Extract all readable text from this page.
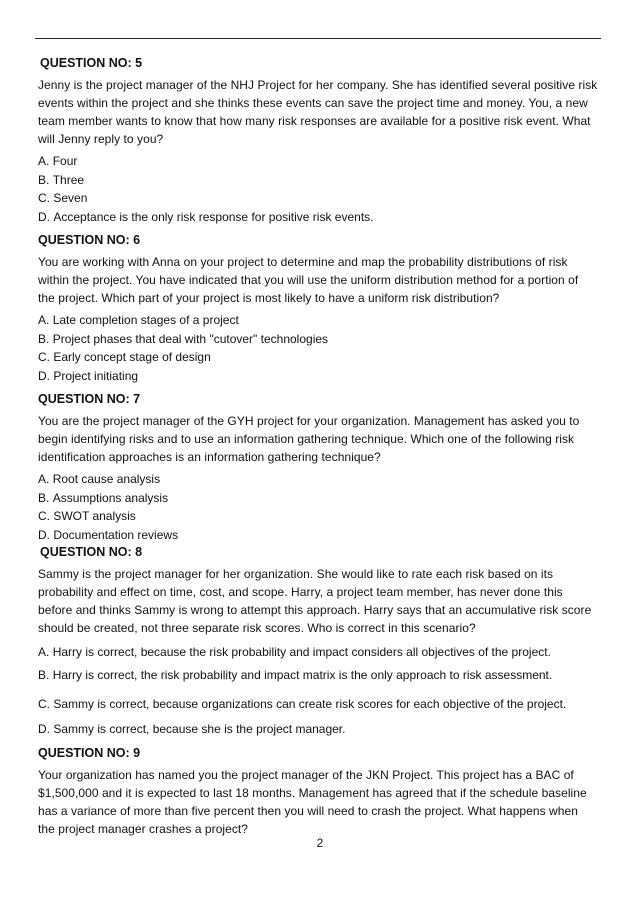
QUESTION NO: 5
Jenny is the project manager of the NHJ Project for her company. She has identified several positive risk events within the project and she thinks these events can save the project time and money. You, a new team member wants to know that how many risk responses are available for a positive risk event. What will Jenny reply to you?
A.
Four
B.
Three
C.
Seven
D.
Acceptance is the only risk response for positive risk events.
QUESTION NO: 6
You are working with Anna on your project to determine and map the probability distributions of risk within the project. You have indicated that you will use the uniform distribution method for a portion of the project. Which part of your project is most likely to have a uniform risk distribution?
A.
Late completion stages of a project
B.
Project phases that deal with "cutover" technologies
C.
Early concept stage of design
D.
Project initiating
QUESTION NO: 7
You are the project manager of the GYH project for your organization. Management has asked you to begin identifying risks and to use an information gathering technique. Which one of the following risk identification approaches is an information gathering technique?
A.
Root cause analysis
B.
Assumptions analysis
C.
SWOT analysis
D.
Documentation reviews
QUESTION NO: 8
Sammy is the project manager for her organization. She would like to rate each risk based on its probability and effect on time, cost, and scope. Harry, a project team member, has never done this before and thinks Sammy is wrong to attempt this approach. Harry says that an accumulative risk score should be created, not three separate risk scores. Who is correct in this scenario?
A.
Harry is correct, because the risk probability and impact considers all objectives of the project.
B.
Harry is correct, the risk probability and impact matrix is the only approach to risk assessment.
C.
Sammy is correct, because organizations can create risk scores for each objective of the project.
D.
Sammy is correct, because she is the project manager.
QUESTION NO: 9
Your organization has named you the project manager of the JKN Project. This project has a BAC of $1,500,000 and it is expected to last 18 months. Management has agreed that if the schedule baseline has a variance of more than five percent then you will need to crash the project. What happens when the project manager crashes a project?
2
